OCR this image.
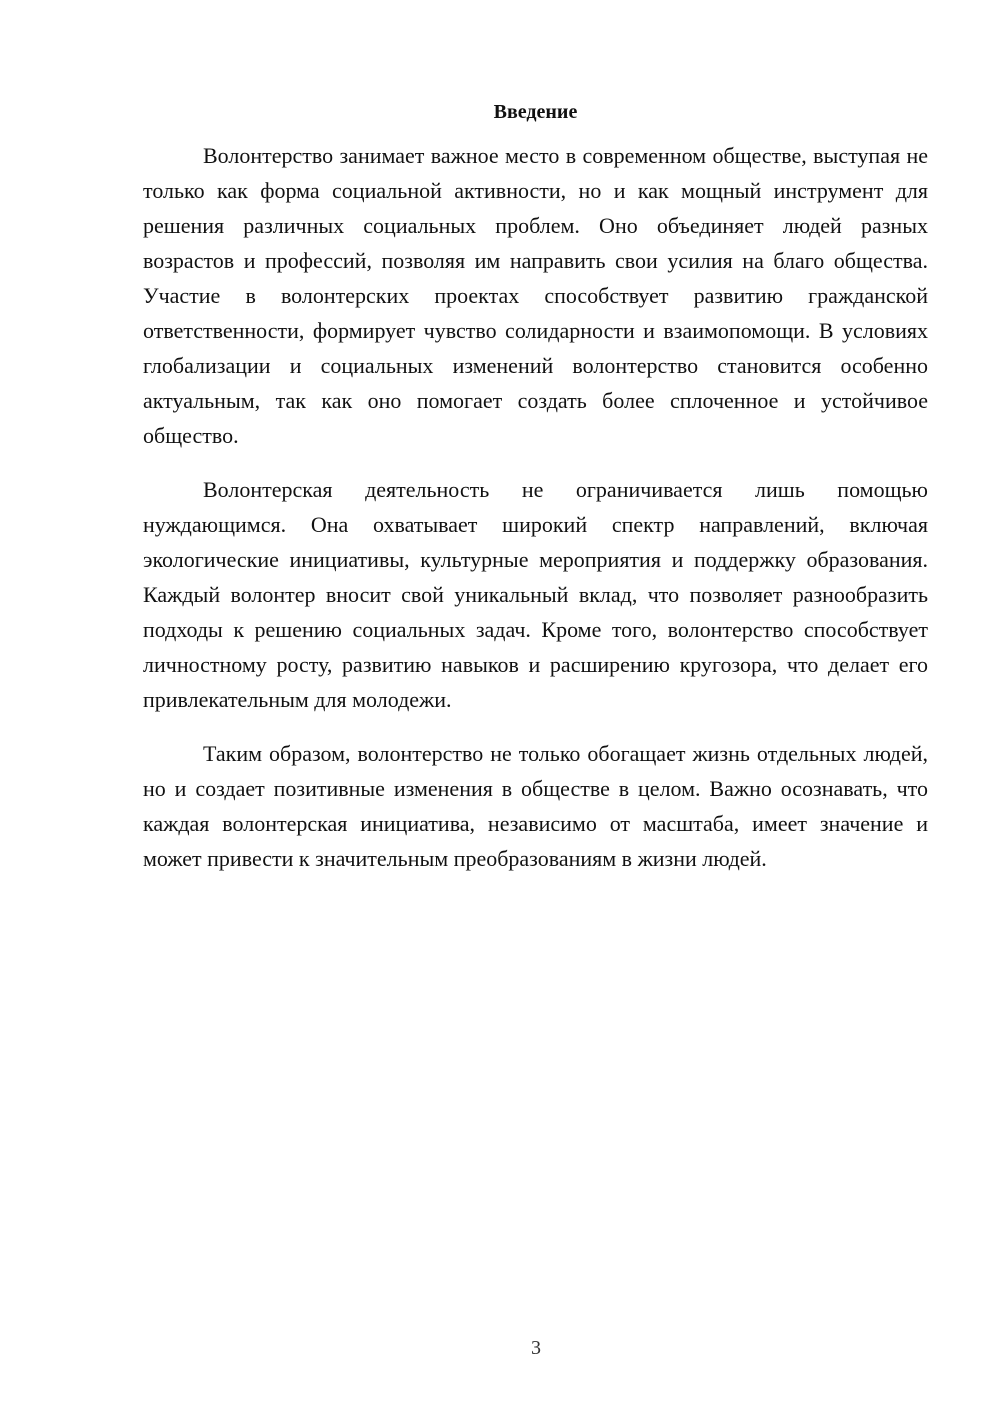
Введение

Волонтерство занимает важное место в современном обществе, выступая не только как форма социальной активности, но и как мощный инструмент для решения различных социальных проблем. Оно объединяет людей разных возрастов и профессий, позволяя им направить свои усилия на благо общества. Участие в волонтерских проектах способствует развитию гражданской ответственности, формирует чувство солидарности и взаимопомощи. В условиях глобализации и социальных изменений волонтерство становится особенно актуальным, так как оно помогает создать более сплоченное и устойчивое общество.

Волонтерская деятельность не ограничивается лишь помощью нуждающимся. Она охватывает широкий спектр направлений, включая экологические инициативы, культурные мероприятия и поддержку образования. Каждый волонтер вносит свой уникальный вклад, что позволяет разнообразить подходы к решению социальных задач. Кроме того, волонтерство способствует личностному росту, развитию навыков и расширению кругозора, что делает его привлекательным для молодежи.

Таким образом, волонтерство не только обогащает жизнь отдельных людей, но и создает позитивные изменения в обществе в целом. Важно осознавать, что каждая волонтерская инициатива, независимо от масштаба, имеет значение и может привести к значительным преобразованиям в жизни людей.

3
